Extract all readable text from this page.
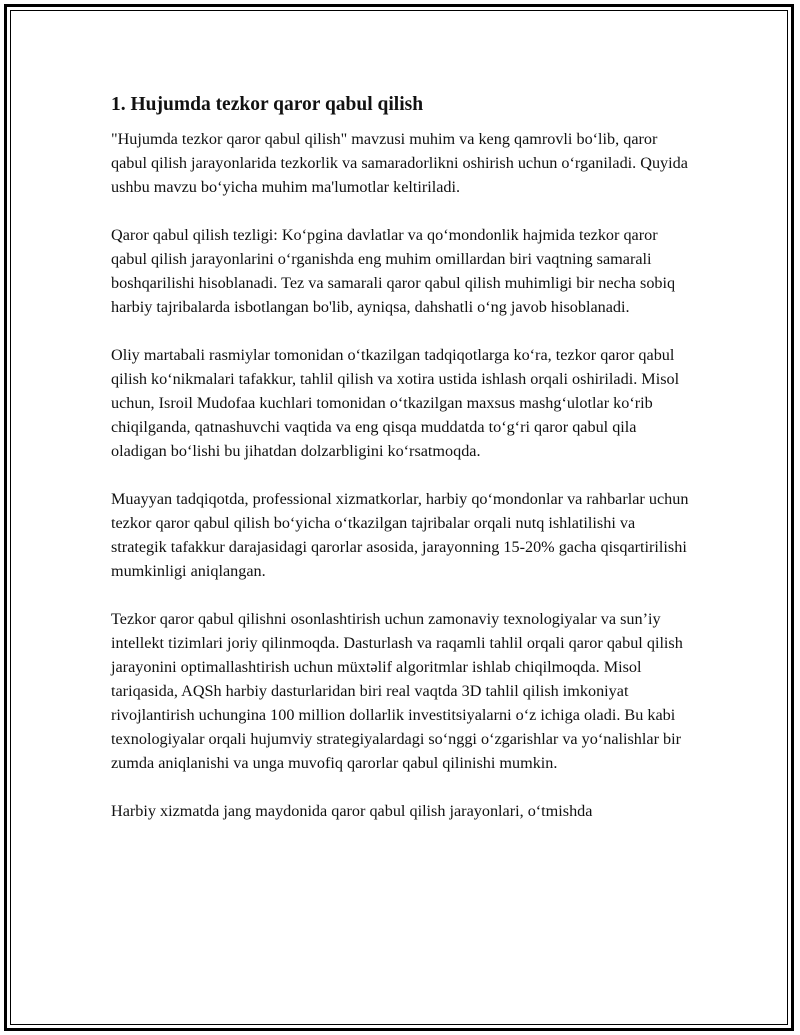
1. Hujumda tezkor qaror qabul qilish

"Hujumda tezkor qaror qabul qilish" mavzusi muhim va keng qamrovli bo‘lib, qaror qabul qilish jarayonlarida tezkorlik va samaradorlikni oshirish uchun o‘rganiladi. Quyida ushbu mavzu bo‘yicha muhim ma'lumotlar keltiriladi.

Qaror qabul qilish tezligi: Ko‘pgina davlatlar va qo‘mondonlik hajmida tezkor qaror qabul qilish jarayonlarini o‘rganishda eng muhim omillardan biri vaqtning samarali boshqarilishi hisoblanadi. Tez va samarali qaror qabul qilish muhimligi bir necha sobiq harbiy tajribalarda isbotlangan bo'lib, ayniqsa, dahshatli o‘ng javob hisoblanadi.

Oliy martabali rasmiylar tomonidan o‘tkazilgan tadqiqotlarga ko‘ra, tezkor qaror qabul qilish ko‘nikmalari tafakkur, tahlil qilish va xotira ustida ishlash orqali oshiriladi. Misol uchun, Isroil Mudofaa kuchlari tomonidan o‘tkazilgan maxsus mashg‘ulotlar ko‘rib chiqilganda, qatnashuvchi vaqtida va eng qisqa muddatda to‘g‘ri qaror qabul qila oladigan bo‘lishi bu jihatdan dolzarbligini ko‘rsatmoqda.

Muayyan tadqiqotda, professional xizmatkorlar, harbiy qo‘mondonlar va rahbarlar uchun tezkor qaror qabul qilish bo‘yicha o‘tkazilgan tajribalar orqali nutq ishlatilishi va strategik tafakkur darajasidagi qarorlar asosida, jarayonning 15-20% gacha qisqartirilishi mumkinligi aniqlangan.

Tezkor qaror qabul qilishni osonlashtirish uchun zamonaviy texnologiyalar va sun’iy intellekt tizimlari joriy qilinmoqda. Dasturlash va raqamli tahlil orqali qaror qabul qilish jarayonini optimallashtirish uchun müxtəlif algoritmlar ishlab chiqilmoqda. Misol tariqasida, AQSh harbiy dasturlaridan biri real vaqtda 3D tahlil qilish imkoniyat rivojlantirish uchungina 100 million dollarlik investitsiyalarni o‘z ichiga oladi. Bu kabi texnologiyalar orqali hujumviy strategiyalardagi so‘nggi o‘zgarishlar va yo‘nalishlar bir zumda aniqlanishi va unga muvofiq qarorlar qabul qilinishi mumkin.

Harbiy xizmatda jang maydonida qaror qabul qilish jarayonlari, o‘tmishda
